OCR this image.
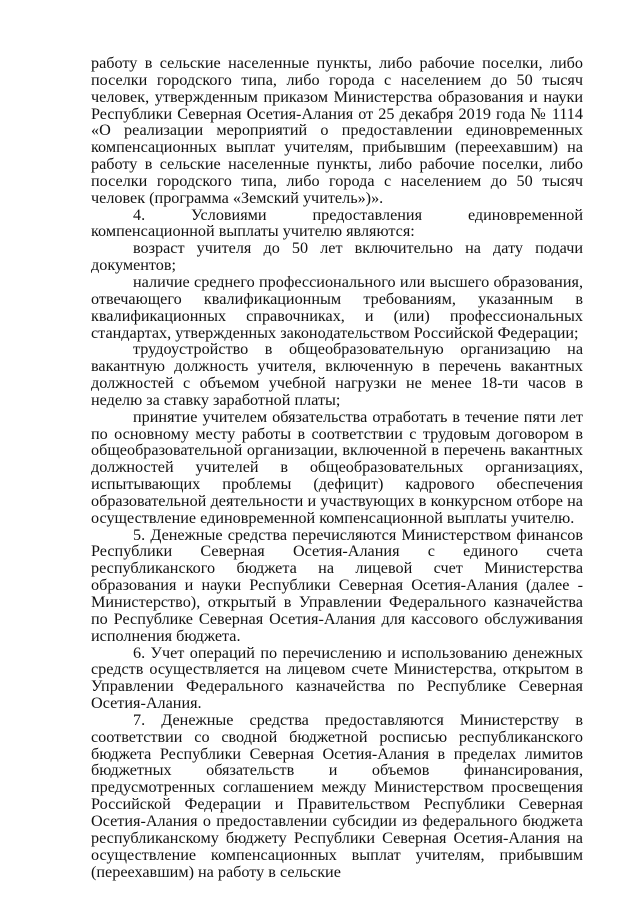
работу в сельские населенные пункты, либо рабочие поселки, либо поселки городского типа, либо города с населением до 50 тысяч человек, утвержденным приказом Министерства образования и науки Республики Северная Осетия-Алания от 25 декабря 2019 года № 1114 «О реализации мероприятий о предоставлении единовременных компенсационных выплат учителям, прибывшим (переехавшим) на работу в сельские населенные пункты, либо рабочие поселки, либо поселки городского типа, либо города с населением до 50 тысяч человек (программа «Земский учитель»)».

4. Условиями предоставления единовременной компенсационной выплаты учителю являются:

возраст учителя до 50 лет включительно на дату подачи документов;

наличие среднего профессионального или высшего образования, отвечающего квалификационным требованиям, указанным в квалификационных справочниках, и (или) профессиональных стандартах, утвержденных законодательством Российской Федерации;

трудоустройство в общеобразовательную организацию на вакантную должность учителя, включенную в перечень вакантных должностей с объемом учебной нагрузки не менее 18-ти часов в неделю за ставку заработной платы;

принятие учителем обязательства отработать в течение пяти лет по основному месту работы в соответствии с трудовым договором в общеобразовательной организации, включенной в перечень вакантных должностей учителей в общеобразовательных организациях, испытывающих проблемы (дефицит) кадрового обеспечения образовательной деятельности и участвующих в конкурсном отборе на осуществление единовременной компенсационной выплаты учителю.

5. Денежные средства перечисляются Министерством финансов Республики Северная Осетия-Алания с единого счета республиканского бюджета на лицевой счет Министерства образования и науки Республики Северная Осетия-Алания (далее - Министерство), открытый в Управлении Федерального казначейства по Республике Северная Осетия-Алания для кассового обслуживания исполнения бюджета.

6. Учет операций по перечислению и использованию денежных средств осуществляется на лицевом счете Министерства, открытом в Управлении Федерального казначейства по Республике Северная Осетия-Алания.

7. Денежные средства предоставляются Министерству в соответствии со сводной бюджетной росписью республиканского бюджета Республики Северная Осетия-Алания в пределах лимитов бюджетных обязательств и объемов финансирования, предусмотренных соглашением между Министерством просвещения Российской Федерации и Правительством Республики Северная Осетия-Алания о предоставлении субсидии из федерального бюджета республиканскому бюджету Республики Северная Осетия-Алания на осуществление компенсационных выплат учителям, прибывшим (переехавшим) на работу в сельские
